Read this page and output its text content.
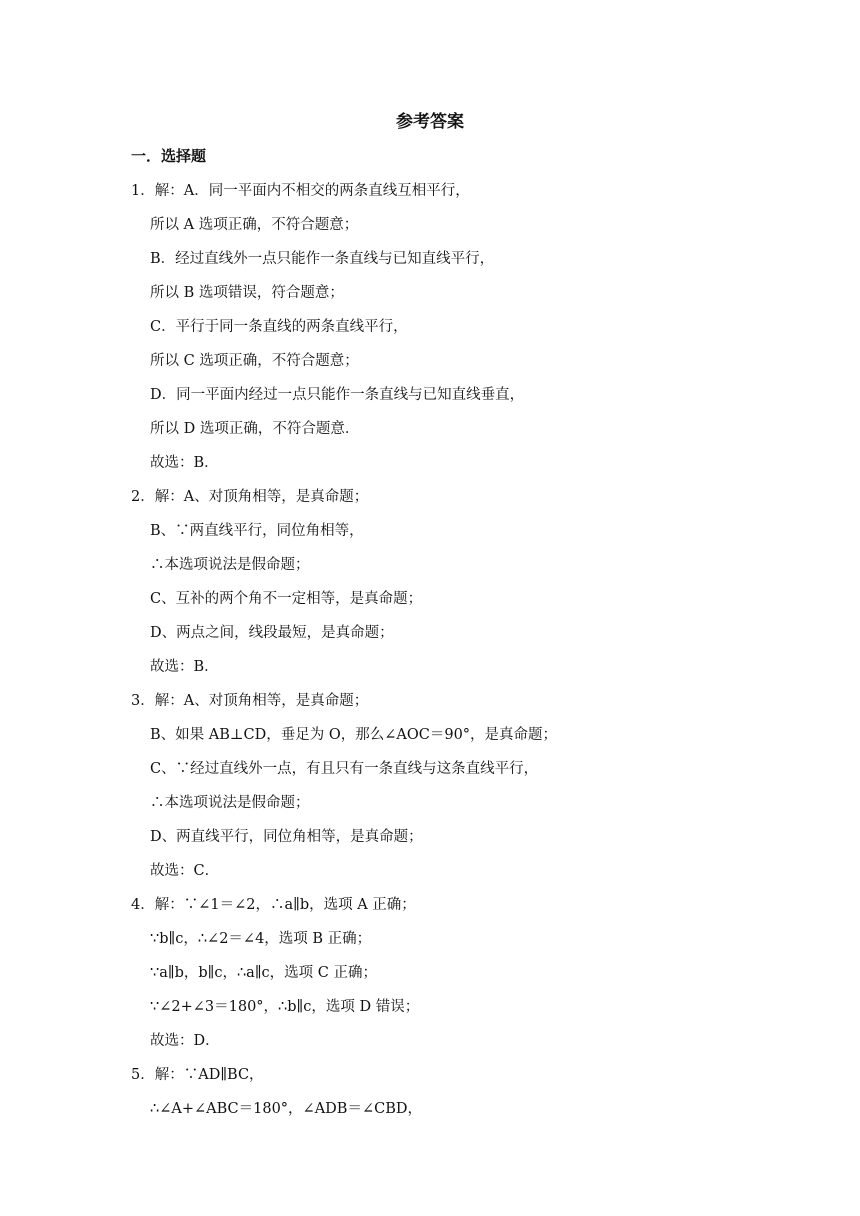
参考答案
一．选择题
1．解：A．同一平面内不相交的两条直线互相平行，
所以 A 选项正确，不符合题意；
B．经过直线外一点只能作一条直线与已知直线平行，
所以 B 选项错误，符合题意；
C．平行于同一条直线的两条直线平行，
所以 C 选项正确，不符合题意；
D．同一平面内经过一点只能作一条直线与已知直线垂直，
所以 D 选项正确，不符合题意．
故选：B．
2．解：A、对顶角相等，是真命题；
B、∵两直线平行，同位角相等，
∴本选项说法是假命题；
C、互补的两个角不一定相等，是真命题；
D、两点之间，线段最短，是真命题；
故选：B．
3．解：A、对顶角相等，是真命题；
B、如果 AB⊥CD，垂足为 O，那么∠AOC＝90°，是真命题；
C、∵经过直线外一点，有且只有一条直线与这条直线平行，
∴本选项说法是假命题；
D、两直线平行，同位角相等，是真命题；
故选：C．
4．解：∵∠1＝∠2，∴a∥b，选项 A 正确；
∵b∥c，∴∠2＝∠4，选项 B 正确；
∵a∥b，b∥c，∴a∥c，选项 C 正确；
∵∠2+∠3＝180°，∴b∥c，选项 D 错误；
故选：D．
5．解：∵AD∥BC，
∴∠A+∠ABC＝180°，∠ADB＝∠CBD，
